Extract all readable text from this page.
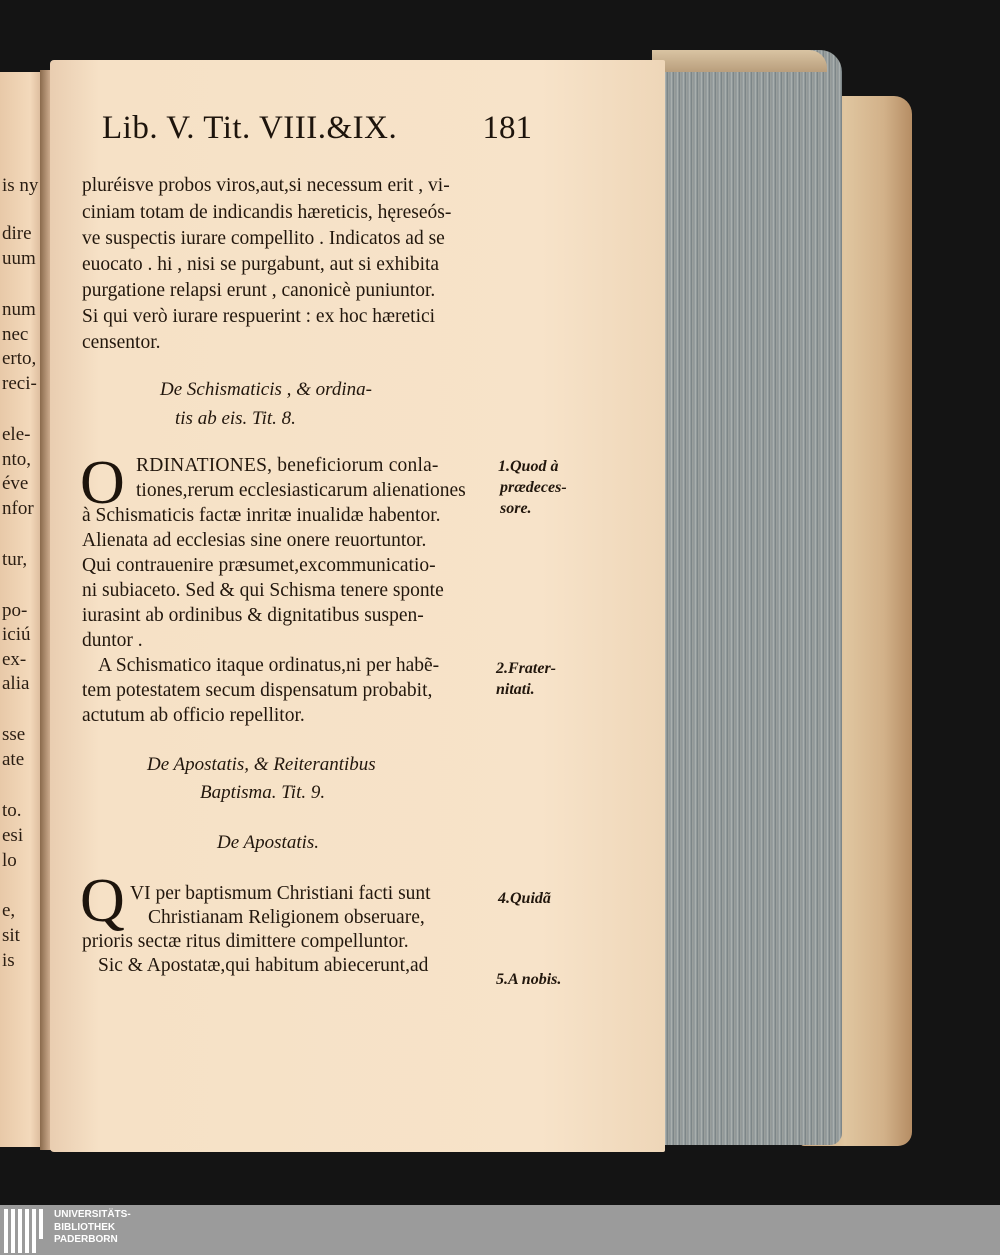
is ny

dire

uum

num

nec

erto,

reci-

ele-

nto,

éve

nfor

tur,

po-

iciú

ex-

alia

sse

ate

to.

esi

lo

e,

sit

is

Lib. V. Tit. VIII.&IX.	181

pluréisve probos viros,aut,si necessum erit , vi-

ciniam totam de indicandis hæreticis, hęreseós-

ve suspectis iurare compellito . Indicatos ad se

euocato . hi , nisi se purgabunt, aut si exhibita

purgatione relapsi erunt , canonicè puniuntor.

Si qui verò iurare respuerint : ex hoc hæretici

censentor.

De Schismaticis , & ordina-

tis ab eis. Tit. 8.

O RDINATIONES, beneficiorum conla-

tiones,rerum ecclesiasticarum alienationes

à Schismaticis factæ inritæ inualidæ habentor.

Alienata ad ecclesias sine onere reuortuntor.

Qui contrauenire præsumet,excommunicatio-

ni subiaceto. Sed & qui Schisma tenere sponte

iurasint ab ordinibus & dignitatibus suspen-

duntor .

A Schismatico itaque ordinatus,ni per habẽ-

tem potestatem secum dispensatum probabit,

actutum ab officio repellitor.

De Apostatis, & Reiterantibus

Baptisma. Tit. 9.

De Apostatis.

Q VI per baptismum Christiani facti sunt

Christianam Religionem obseruare,

prioris sectæ ritus dimittere compelluntor.

Sic & Apostatæ,qui habitum abiecerunt,ad

1.Quod à

prædeces-

sore.

2.Frater-

nitati.

4.Quidã

5.A nobis.

UNIVERSITÄTS-
BIBLIOTHEK
PADERBORN
